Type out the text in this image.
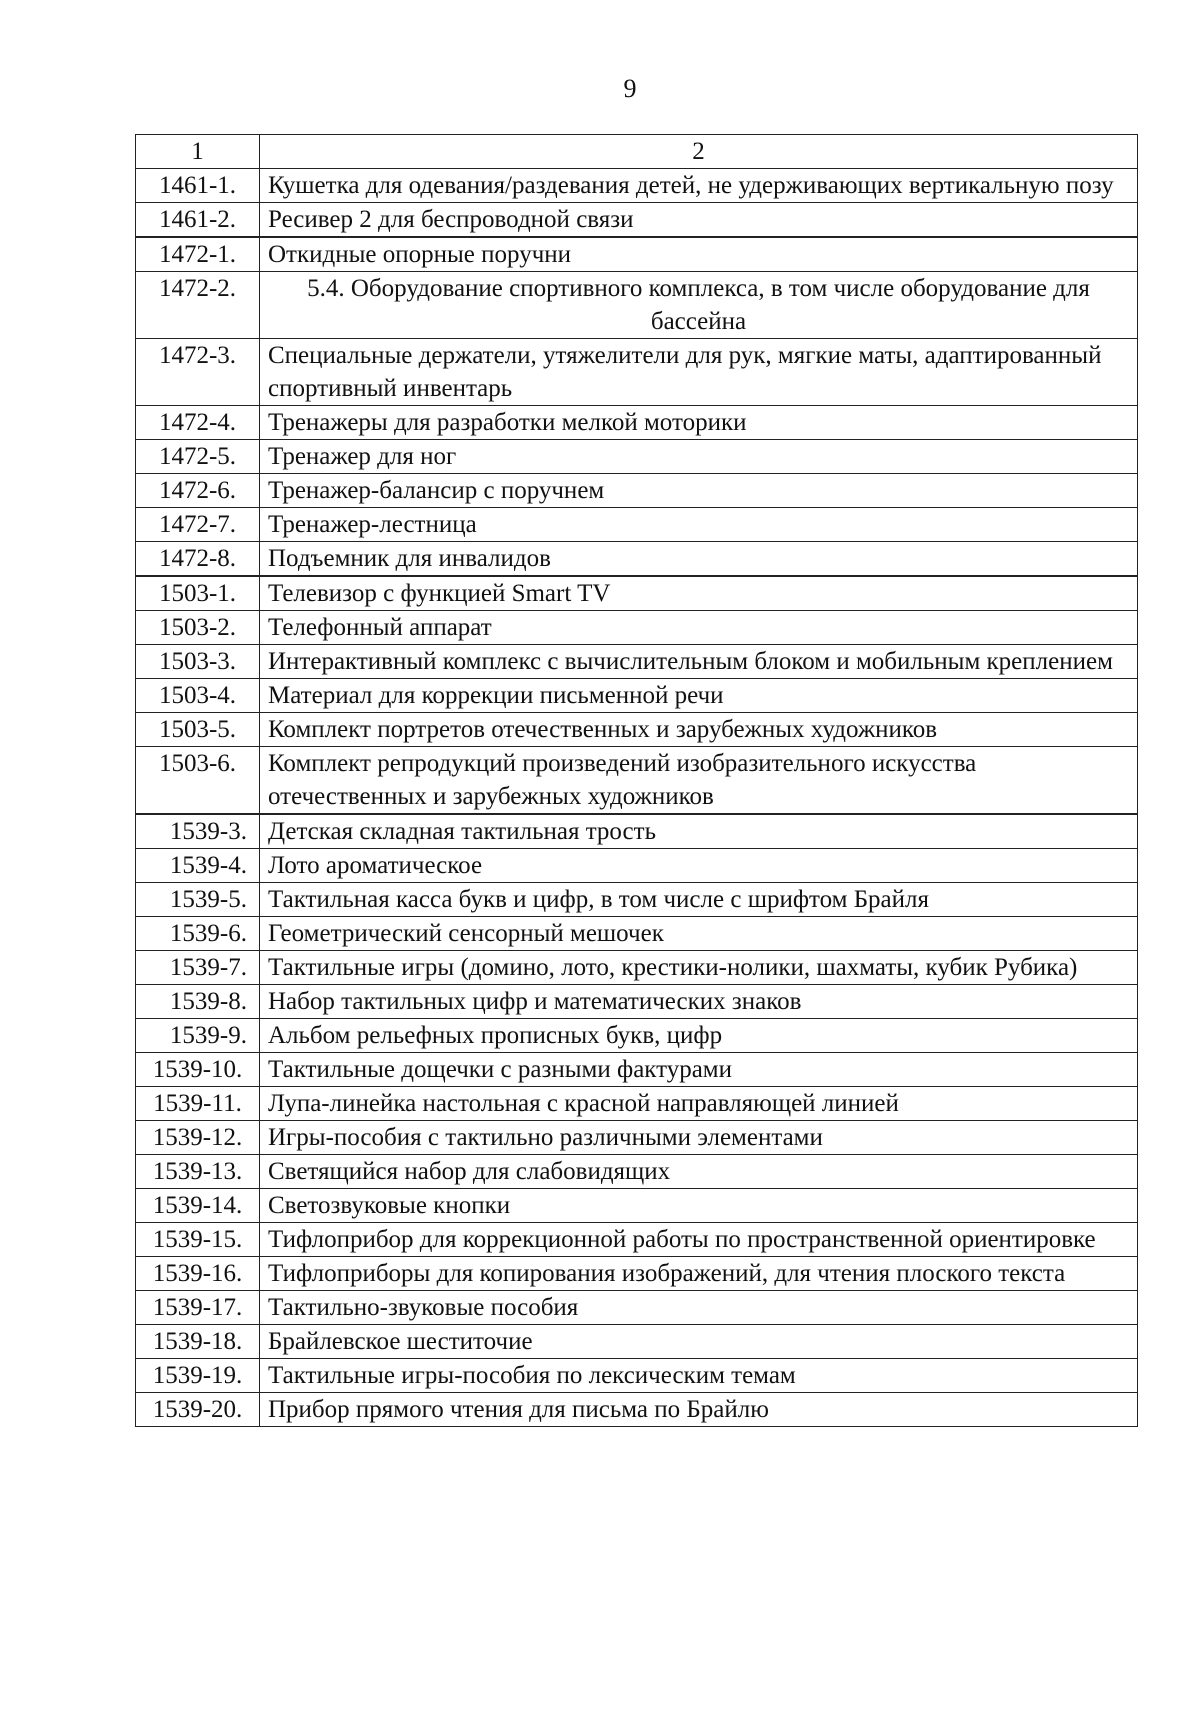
9
1	2
1461-1.	Кушетка для одевания/раздевания детей, не удерживающих вертикальную позу
1461-2.	Ресивер 2 для беспроводной связи
1472-1.	Откидные опорные поручни
1472-2.	5.4. Оборудование спортивного комплекса, в том числе оборудование для бассейна
1472-3.	Специальные держатели, утяжелители для рук, мягкие маты, адаптированный спортивный инвентарь
1472-4.	Тренажеры для разработки мелкой моторики
1472-5.	Тренажер для ног
1472-6.	Тренажер-балансир с поручнем
1472-7.	Тренажер-лестница
1472-8.	Подъемник для инвалидов
1503-1.	Телевизор с функцией Smart TV
1503-2.	Телефонный аппарат
1503-3.	Интерактивный комплекс с вычислительным блоком и мобильным креплением
1503-4.	Материал для коррекции письменной речи
1503-5.	Комплект портретов отечественных и зарубежных художников
1503-6.	Комплект репродукций произведений изобразительного искусства отечественных и зарубежных художников
1539-3.	Детская складная тактильная трость
1539-4.	Лото ароматическое
1539-5.	Тактильная касса букв и цифр, в том числе с шрифтом Брайля
1539-6.	Геометрический сенсорный мешочек
1539-7.	Тактильные игры (домино, лото, крестики-нолики, шахматы, кубик Рубика)
1539-8.	Набор тактильных цифр и математических знаков
1539-9.	Альбом рельефных прописных букв, цифр
1539-10.	Тактильные дощечки с разными фактурами
1539-11.	Лупа-линейка настольная с красной направляющей линией
1539-12.	Игры-пособия с тактильно различными элементами
1539-13.	Светящийся набор для слабовидящих
1539-14.	Светозвуковые кнопки
1539-15.	Тифлоприбор для коррекционной работы по пространственной ориентировке
1539-16.	Тифлоприборы для копирования изображений, для чтения плоского текста
1539-17.	Тактильно-звуковые пособия
1539-18.	Брайлевское шеститочие
1539-19.	Тактильные игры-пособия по лексическим темам
1539-20.	Прибор прямого чтения для письма по Брайлю
